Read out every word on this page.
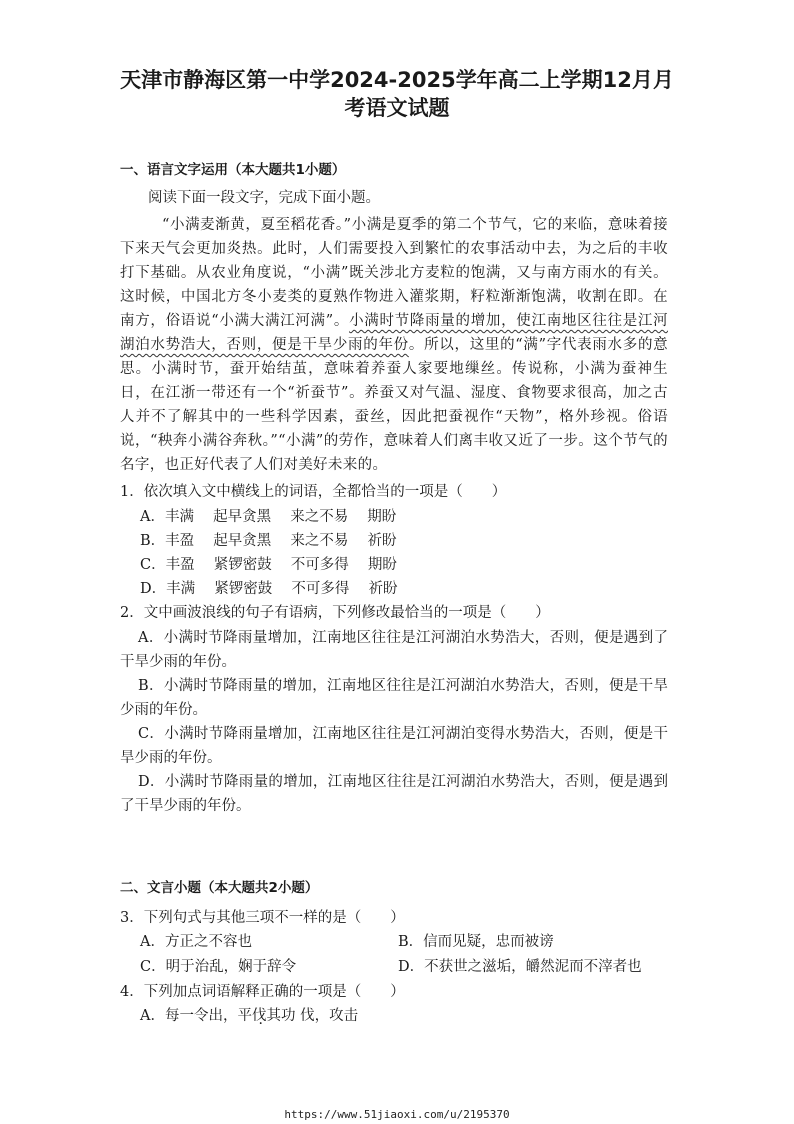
天津市静海区第一中学2024-2025学年高二上学期12月月
考语文试题
一、语言文字运用（本大题共1小题）
阅读下面一段文字，完成下面小题。
“小满麦渐黄，夏至稻花香。”小满是夏季的第二个节气，它的来临，意味着接下来天气会更加炎热。此时，人们需要投入到繁忙的农事活动中去，为之后的丰收打下基础。从农业角度说，“小满”既关涉北方麦粒的饱满，又与南方雨水的有关。这时候，中国北方冬小麦类的夏熟作物进入灌浆期，籽粒渐渐饱满，收割在即。在南方，俗语说“小满大满江河满”。小满时节降雨量的增加，使江南地区往往是江河湖泊水势浩大，否则，便是干旱少雨的年份。所以，这里的“满”字代表雨水多的意思。小满时节，蚕开始结茧，意味着养蚕人家要地缫丝。传说称，小满为蚕神生日，在江浙一带还有一个“祈蚕节”。养蚕又对气温、湿度、食物要求很高，加之古人并不了解其中的一些科学因素，蚕丝，因此把蚕视作“天物”，格外珍视。俗语说，“秧奔小满谷奔秋。”“小满”的劳作，意味着人们离丰收又近了一步。这个节气的名字，也正好代表了人们对美好未来的。
1．依次填入文中横线上的词语，全都恰当的一项是（　　）
A．丰满　 起早贪黑　 来之不易　 期盼
B．丰盈　 起早贪黑　 来之不易　 祈盼
C．丰盈　 紧锣密鼓　 不可多得　 期盼
D．丰满　 紧锣密鼓　 不可多得　 祈盼
2．文中画波浪线的句子有语病，下列修改最恰当的一项是（　　）
A．小满时节降雨量增加，江南地区往往是江河湖泊水势浩大，否则，便是遇到了干旱少雨的年份。
B．小满时节降雨量的增加，江南地区往往是江河湖泊水势浩大，否则，便是干旱少雨的年份。
C．小满时节降雨量增加，江南地区往往是江河湖泊变得水势浩大，否则，便是干旱少雨的年份。
D．小满时节降雨量的增加，江南地区往往是江河湖泊水势浩大，否则，便是遇到了干旱少雨的年份。
二、文言小题（本大题共2小题）
3．下列句式与其他三项不一样的是（　　）
A．方正之不容也	B．信而见疑，忠而被谤
C．明于治乱，娴于辞令	D．不获世之滋垢，皭然泥而不滓者也
4．下列加点词语解释正确的一项是（　　）
A．每一令出，平伐其功 伐，攻击
https://www.51jiaoxi.com/u/2195370
